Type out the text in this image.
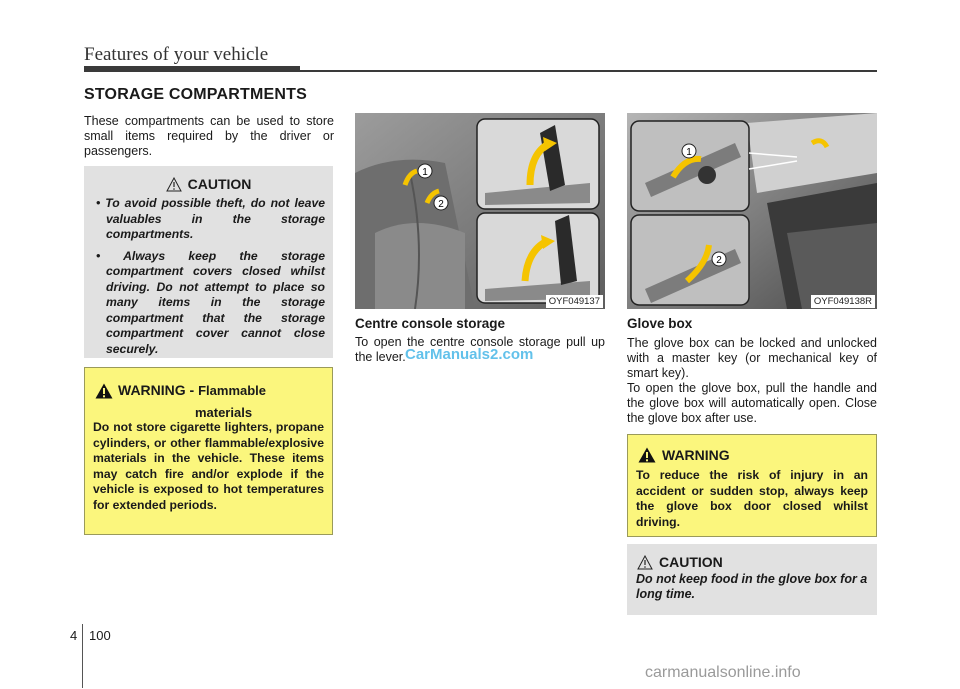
Features of your vehicle
STORAGE COMPARTMENTS

These compartments can be used to store small items required by the driver or passengers.

CAUTION
• To avoid possible theft, do not leave valuables in the storage compartments.
• Always keep the storage compartment covers closed whilst driving. Do not attempt to place so many items in the storage compartment that the storage compartment cover cannot close securely.
WARNING - Flammable
materials

Do not store cigarette lighters, propane cylinders, or other flammable/explosive materials in the vehicle. These items may catch fire and/or explode if the vehicle is exposed to hot temperatures for extended periods.

1
2
OYF049137
1
2
OYF049138R
Centre console storage

To open the centre console storage pull up the lever. CarManuals2.com
Glove box

The glove box can be locked and unlocked with a master key (or mechanical key of smart key).

To open the glove box, pull the handle and the glove box will automatically open. Close the glove box after use.

WARNING

To reduce the risk of injury in an accident or sudden stop, always keep the glove box door closed whilst driving.

CAUTION

Do not keep food in the glove box for a long time.

4 100
carmanualsonline.info
